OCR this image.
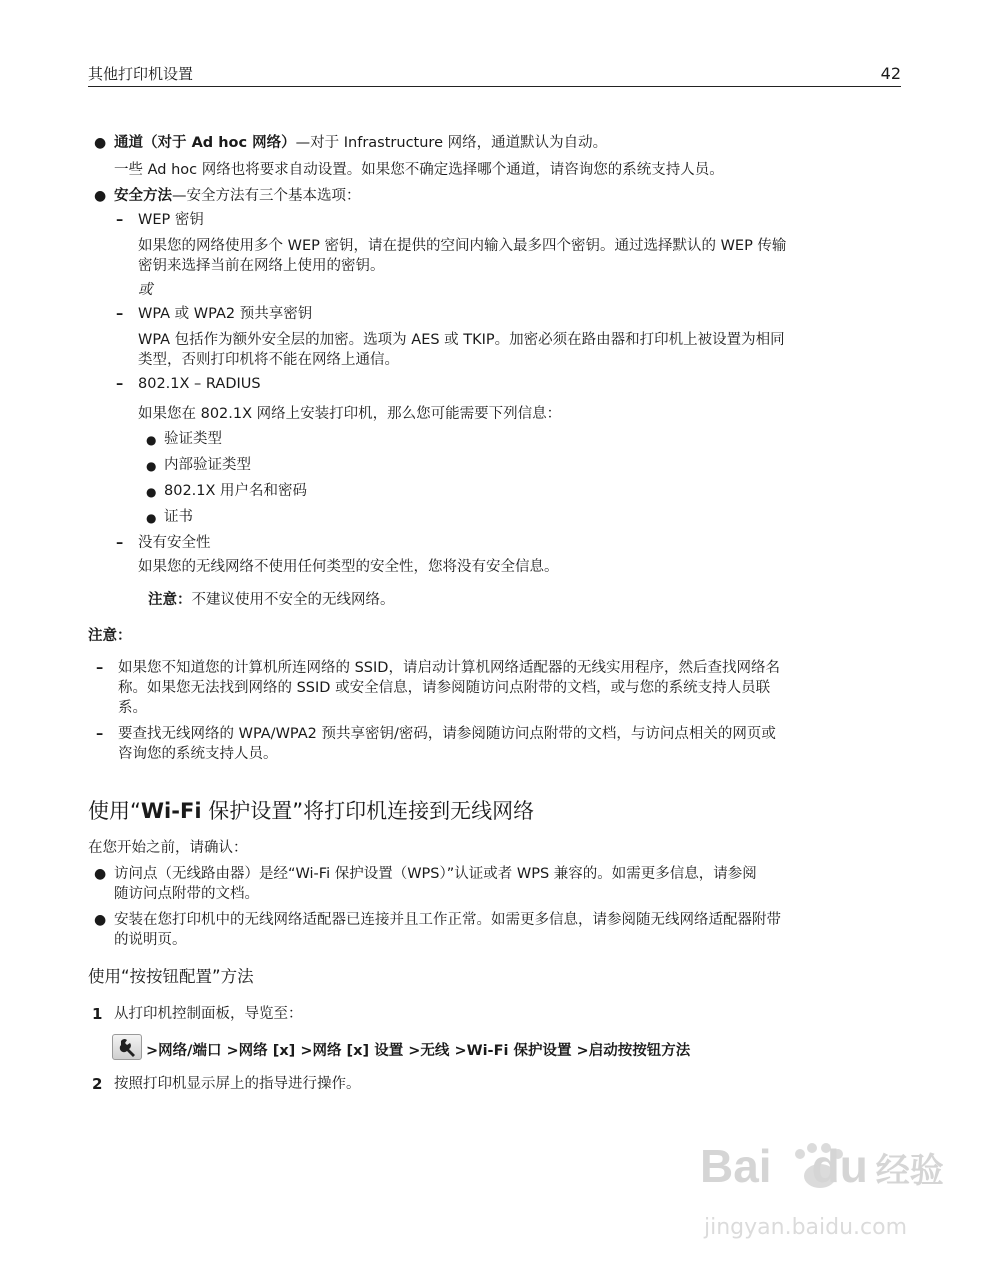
其他打印机设置	42
● 通道（对于 Ad hoc 网络）—对于 Infrastructure 网络，通道默认为自动。
一些 Ad hoc 网络也将要求自动设置。如果您不确定选择哪个通道，请咨询您的系统支持人员。
● 安全方法—安全方法有三个基本选项：
– WEP 密钥
如果您的网络使用多个 WEP 密钥，请在提供的空间内输入最多四个密钥。通过选择默认的 WEP 传输
密钥来选择当前在网络上使用的密钥。
或
– WPA 或 WPA2 预共享密钥
WPA 包括作为额外安全层的加密。选项为 AES 或 TKIP。加密必须在路由器和打印机上被设置为相同
类型，否则打印机将不能在网络上通信。
– 802.1X – RADIUS
如果您在 802.1X 网络上安装打印机，那么您可能需要下列信息：
● 验证类型
● 内部验证类型
● 802.1X 用户名和密码
● 证书
– 没有安全性
如果您的无线网络不使用任何类型的安全性，您将没有安全信息。
注意：不建议使用不安全的无线网络。
注意：
– 如果您不知道您的计算机所连网络的 SSID，请启动计算机网络适配器的无线实用程序，然后查找网络名
称。如果您无法找到网络的 SSID 或安全信息，请参阅随访问点附带的文档，或与您的系统支持人员联
系。
– 要查找无线网络的 WPA/WPA2 预共享密钥/密码，请参阅随访问点附带的文档，与访问点相关的网页或
咨询您的系统支持人员。
使用“Wi‑Fi 保护设置”将打印机连接到无线网络
在您开始之前，请确认：
● 访问点（无线路由器）是经“Wi‑Fi 保护设置（WPS）”认证或者 WPS 兼容的。如需更多信息，请参阅
随访问点附带的文档。
● 安装在您打印机中的无线网络适配器已连接并且工作正常。如需更多信息，请参阅随无线网络适配器附带
的说明页。
使用“按按钮配置”方法
1 从打印机控制面板，导览至：
>网络/端口 >网络 [x] >网络 [x] 设置 >无线 >Wi‑Fi 保护设置 >启动按按钮方法
2 按照打印机显示屏上的指导进行操作。
Bai du 经验
jingyan.baidu.com
